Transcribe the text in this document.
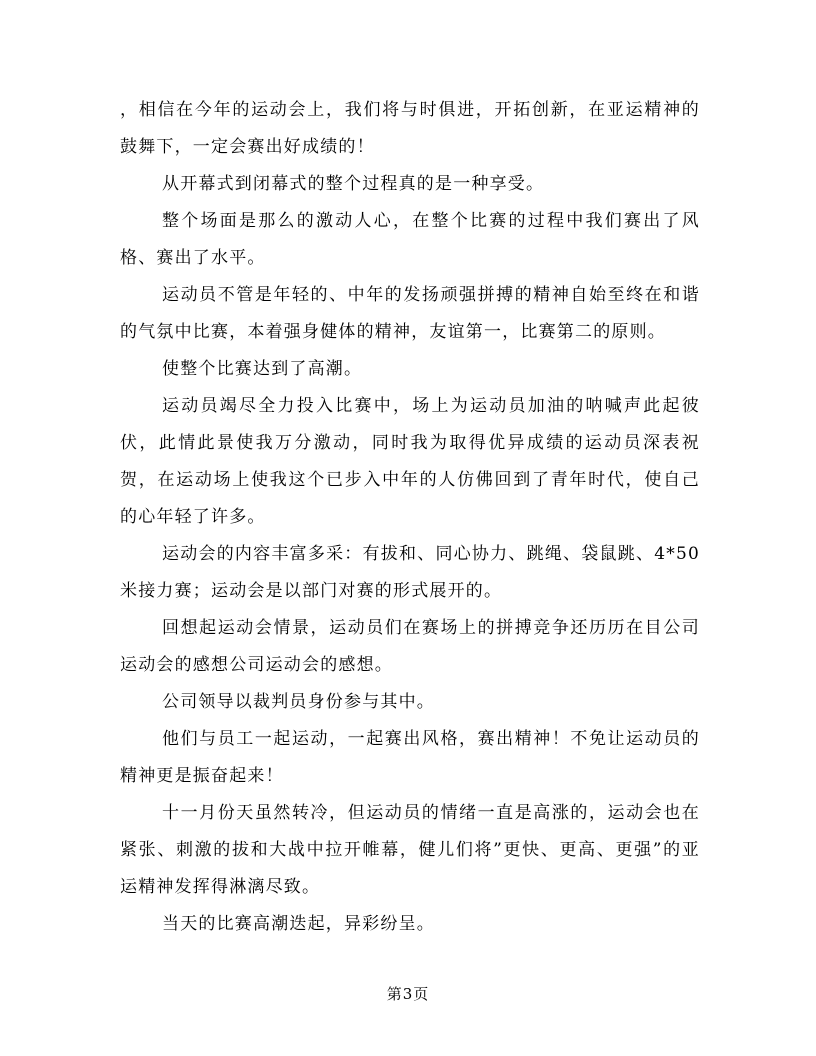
，相信在今年的运动会上，我们将与时俱进，开拓创新，在亚运精神的鼓舞下，一定会赛出好成绩的！

从开幕式到闭幕式的整个过程真的是一种享受。

整个场面是那么的激动人心，在整个比赛的过程中我们赛出了风格、赛出了水平。

运动员不管是年轻的、中年的发扬顽强拼搏的精神自始至终在和谐的气氛中比赛，本着强身健体的精神，友谊第一，比赛第二的原则。

使整个比赛达到了高潮。

运动员竭尽全力投入比赛中，场上为运动员加油的呐喊声此起彼伏，此情此景使我万分激动，同时我为取得优异成绩的运动员深表祝贺，在运动场上使我这个已步入中年的人仿佛回到了青年时代，使自己的心年轻了许多。

运动会的内容丰富多采：有拔和、同心协力、跳绳、袋鼠跳、4*50米接力赛；运动会是以部门对赛的形式展开的。

回想起运动会情景，运动员们在赛场上的拼搏竞争还历历在目公司运动会的感想公司运动会的感想。

公司领导以裁判员身份参与其中。

他们与员工一起运动，一起赛出风格，赛出精神！不免让运动员的精神更是振奋起来！

十一月份天虽然转冷，但运动员的情绪一直是高涨的，运动会也在紧张、刺激的拔和大战中拉开帷幕，健儿们将”更快、更高、更强”的亚运精神发挥得淋漓尽致。

当天的比赛高潮迭起，异彩纷呈。

第3页
